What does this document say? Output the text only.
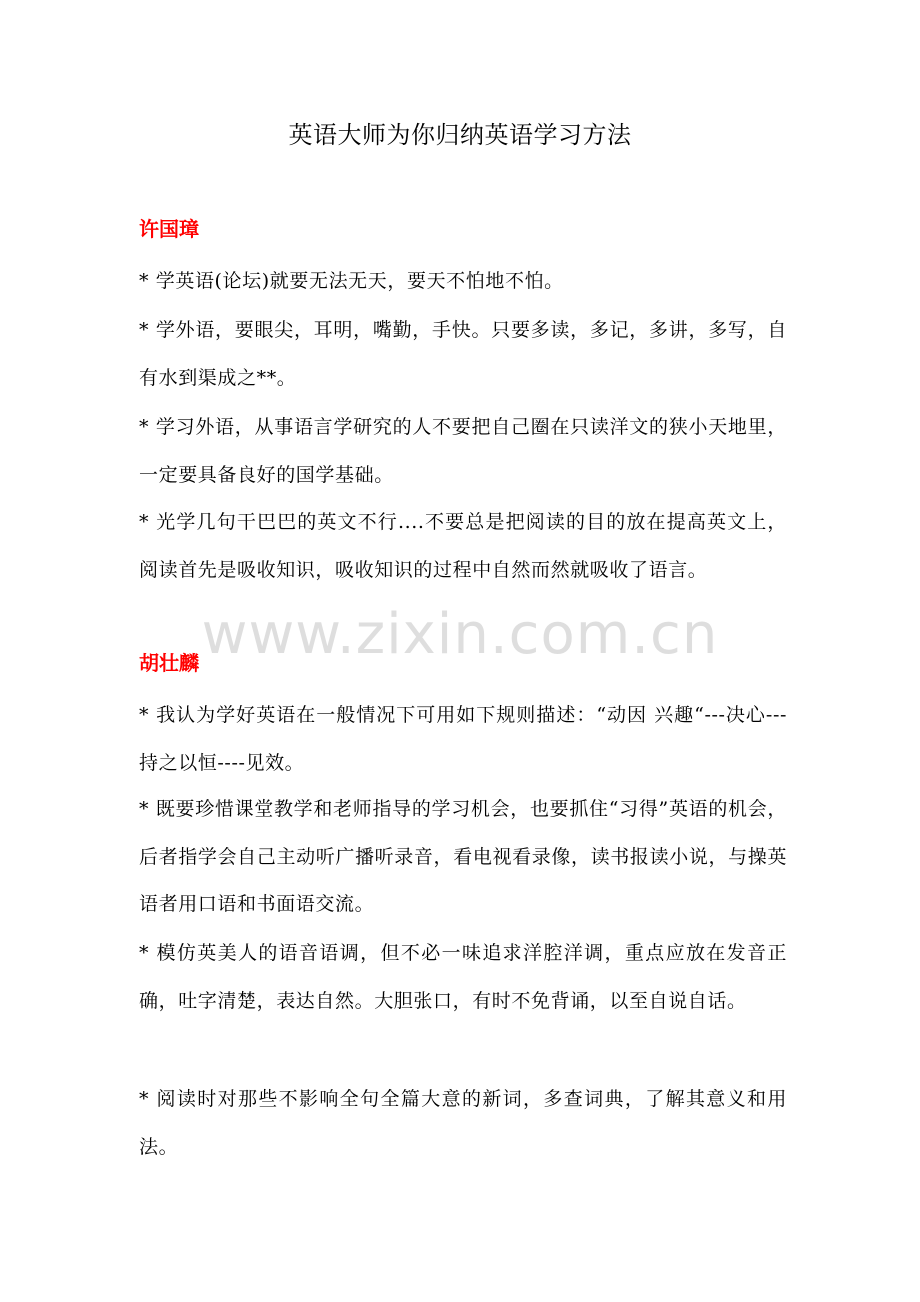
英语大师为你归纳英语学习方法
许国璋
* 学英语(论坛)就要无法无天，要天不怕地不怕。
* 学外语，要眼尖，耳明，嘴勤，手快。只要多读，多记，多讲，多写，自有水到渠成之**。
* 学习外语，从事语言学研究的人不要把自己圈在只读洋文的狭小天地里，一定要具备良好的国学基础。
* 光学几句干巴巴的英文不行....不要总是把阅读的目的放在提高英文上，阅读首先是吸收知识，吸收知识的过程中自然而然就吸收了语言。
胡壮麟
* 我认为学好英语在一般情况下可用如下规则描述：“动因 兴趣“---决心---持之以恒----见效。
* 既要珍惜课堂教学和老师指导的学习机会，也要抓住“习得”英语的机会，后者指学会自己主动听广播听录音，看电视看录像，读书报读小说，与操英语者用口语和书面语交流。
* 模仿英美人的语音语调，但不必一味追求洋腔洋调，重点应放在发音正确，吐字清楚，表达自然。大胆张口，有时不免背诵，以至自说自话。
* 阅读时对那些不影响全句全篇大意的新词，多查词典，了解其意义和用法。
www.zixin.com.cn
